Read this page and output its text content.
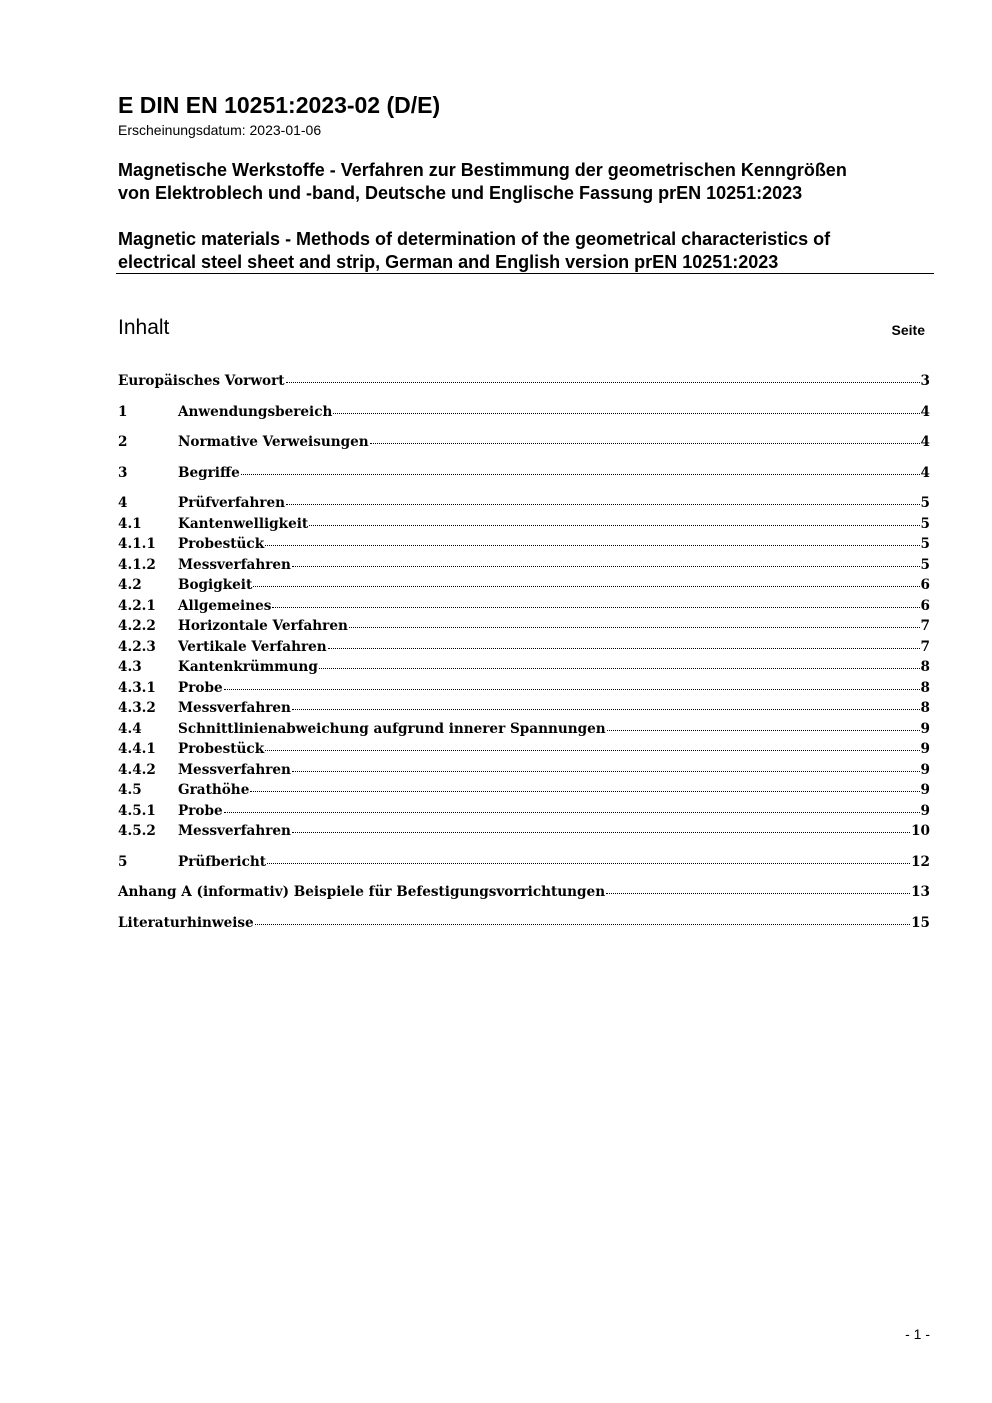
E DIN EN 10251:2023-02 (D/E)
Erscheinungsdatum: 2023-01-06
Magnetische Werkstoffe - Verfahren zur Bestimmung der geometrischen Kenngrößen
von Elektroblech und -band, Deutsche und Englische Fassung prEN 10251:2023
Magnetic materials - Methods of determination of the geometrical characteristics of
electrical steel sheet and strip, German and English version prEN 10251:2023
Inhalt	Seite
Europäisches Vorwort	3
1	Anwendungsbereich	4
2	Normative Verweisungen	4
3	Begriffe	4
4	Prüfverfahren	5
4.1	Kantenwelligkeit	5
4.1.1	Probestück	5
4.1.2	Messverfahren	5
4.2	Bogigkeit	6
4.2.1	Allgemeines	6
4.2.2	Horizontale Verfahren	7
4.2.3	Vertikale Verfahren	7
4.3	Kantenkrümmung	8
4.3.1	Probe	8
4.3.2	Messverfahren	8
4.4	Schnittlinienabweichung aufgrund innerer Spannungen	9
4.4.1	Probestück	9
4.4.2	Messverfahren	9
4.5	Grathöhe	9
4.5.1	Probe	9
4.5.2	Messverfahren	10
5	Prüfbericht	12
Anhang A (informativ) Beispiele für Befestigungsvorrichtungen	13
Literaturhinweise	15
- 1 -
